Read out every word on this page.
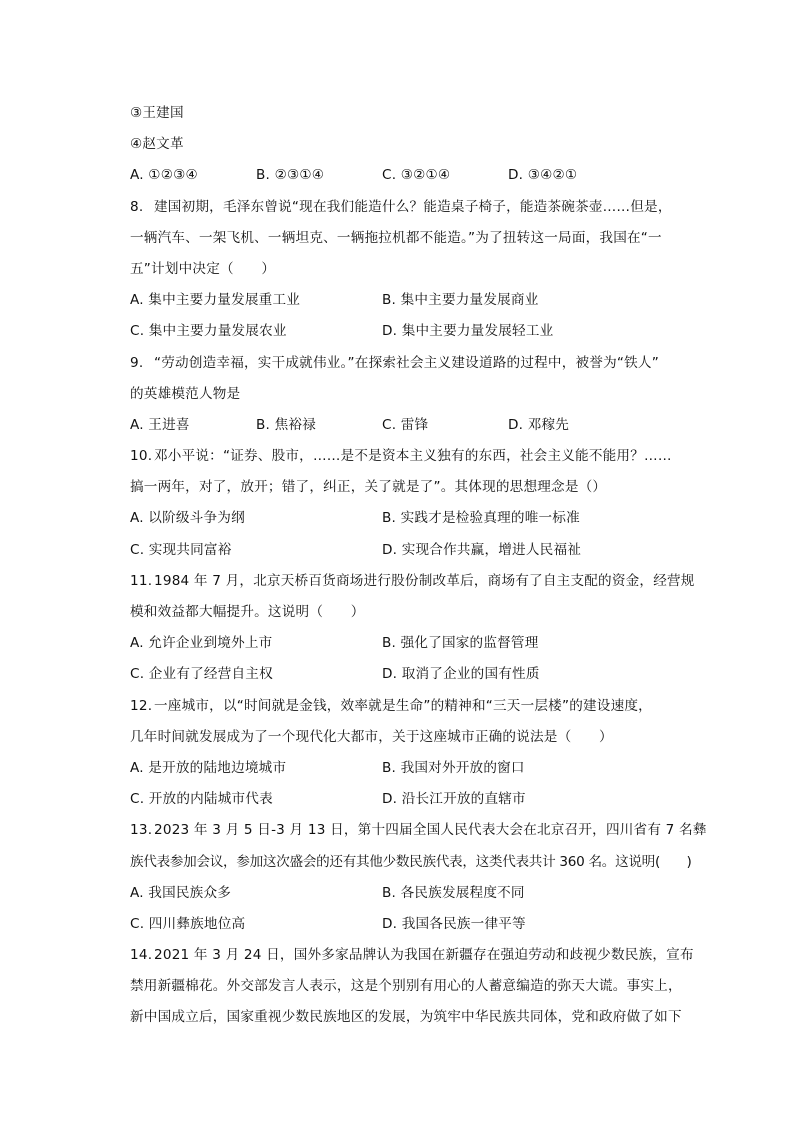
③王建国
④赵文革
A. ①②③④	B. ②③①④	C. ③②①④	D. ③④②①
8. 建国初期，毛泽东曾说“现在我们能造什么？能造桌子椅子，能造茶碗茶壶……但是，
一辆汽车、一架飞机、一辆坦克、一辆拖拉机都不能造。”为了扭转这一局面，我国在“一
五”计划中决定（　　）
A. 集中主要力量发展重工业	B. 集中主要力量发展商业
C. 集中主要力量发展农业	D. 集中主要力量发展轻工业
9. “劳动创造幸福，实干成就伟业。”在探索社会主义建设道路的过程中，被誉为“铁人”
的英雄模范人物是
A. 王进喜	B. 焦裕禄	C. 雷锋	D. 邓稼先
10. 邓小平说：“证券、股市，……是不是资本主义独有的东西，社会主义能不能用？……
搞一两年，对了，放开；错了，纠正，关了就是了”。其体现的思想理念是（）
A. 以阶级斗争为纲	B. 实践才是检验真理的唯一标准
C. 实现共同富裕	D. 实现合作共赢，增进人民福祉
11. 1984 年 7 月，北京天桥百货商场进行股份制改革后，商场有了自主支配的资金，经营规
模和效益都大幅提升。这说明（　　）
A. 允许企业到境外上市	B. 强化了国家的监督管理
C. 企业有了经营自主权	D. 取消了企业的国有性质
12. 一座城市，以“时间就是金钱，效率就是生命”的精神和“三天一层楼”的建设速度，
几年时间就发展成为了一个现代化大都市，关于这座城市正确的说法是（　　）
A. 是开放的陆地边境城市	B. 我国对外开放的窗口
C. 开放的内陆城市代表	D. 沿长江开放的直辖市
13. 2023 年 3 月 5 日-3 月 13 日，第十四届全国人民代表大会在北京召开，四川省有 7 名彝
族代表参加会议，参加这次盛会的还有其他少数民族代表，这类代表共计 360 名。这说明(　　)
A. 我国民族众多	B. 各民族发展程度不同
C. 四川彝族地位高	D. 我国各民族一律平等
14. 2021 年 3 月 24 日，国外多家品牌认为我国在新疆存在强迫劳动和歧视少数民族，宣布
禁用新疆棉花。外交部发言人表示，这是个别别有用心的人蓄意编造的弥天大谎。事实上，
新中国成立后，国家重视少数民族地区的发展，为筑牢中华民族共同体，党和政府做了如下
